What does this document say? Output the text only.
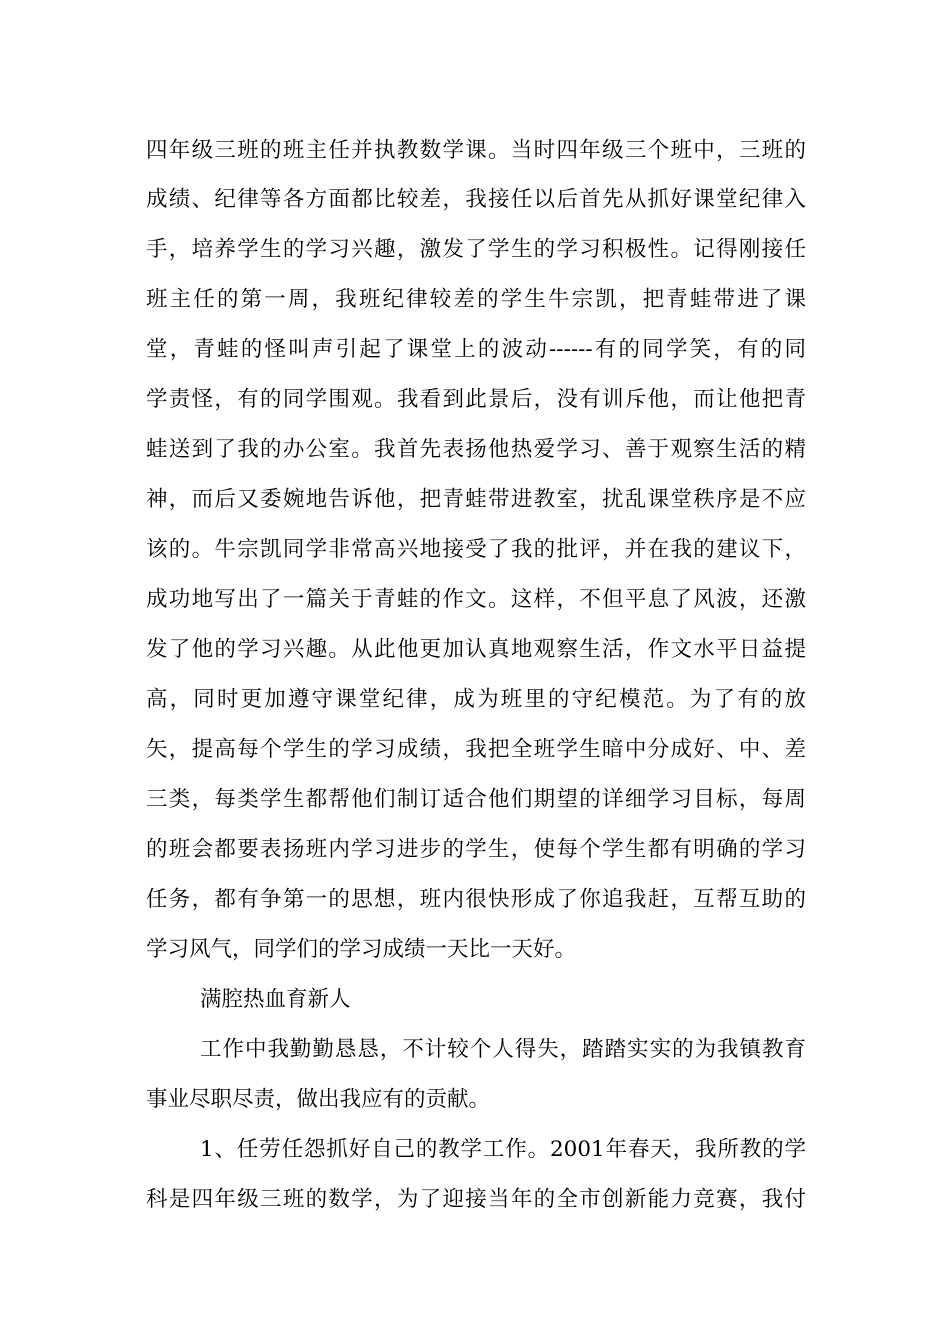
四年级三班的班主任并执教数学课。当时四年级三个班中，三班的
成绩、纪律等各方面都比较差，我接任以后首先从抓好课堂纪律入
手，培养学生的学习兴趣，激发了学生的学习积极性。记得刚接任
班主任的第一周，我班纪律较差的学生牛宗凯，把青蛙带进了课
堂，青蛙的怪叫声引起了课堂上的波动------有的同学笑，有的同
学责怪，有的同学围观。我看到此景后，没有训斥他，而让他把青
蛙送到了我的办公室。我首先表扬他热爱学习、善于观察生活的精
神，而后又委婉地告诉他，把青蛙带进教室，扰乱课堂秩序是不应
该的。牛宗凯同学非常高兴地接受了我的批评，并在我的建议下，
成功地写出了一篇关于青蛙的作文。这样，不但平息了风波，还激
发了他的学习兴趣。从此他更加认真地观察生活，作文水平日益提
高，同时更加遵守课堂纪律，成为班里的守纪模范。为了有的放
矢，提高每个学生的学习成绩，我把全班学生暗中分成好、中、差
三类，每类学生都帮他们制订适合他们期望的详细学习目标，每周
的班会都要表扬班内学习进步的学生，使每个学生都有明确的学习
任务，都有争第一的思想，班内很快形成了你追我赶，互帮互助的
学习风气，同学们的学习成绩一天比一天好。
满腔热血育新人
工作中我勤勤恳恳，不计较个人得失，踏踏实实的为我镇教育
事业尽职尽责，做出我应有的贡献。
1、任劳任怨抓好自己的教学工作。2001年春天，我所教的学
科是四年级三班的数学，为了迎接当年的全市创新能力竞赛，我付
